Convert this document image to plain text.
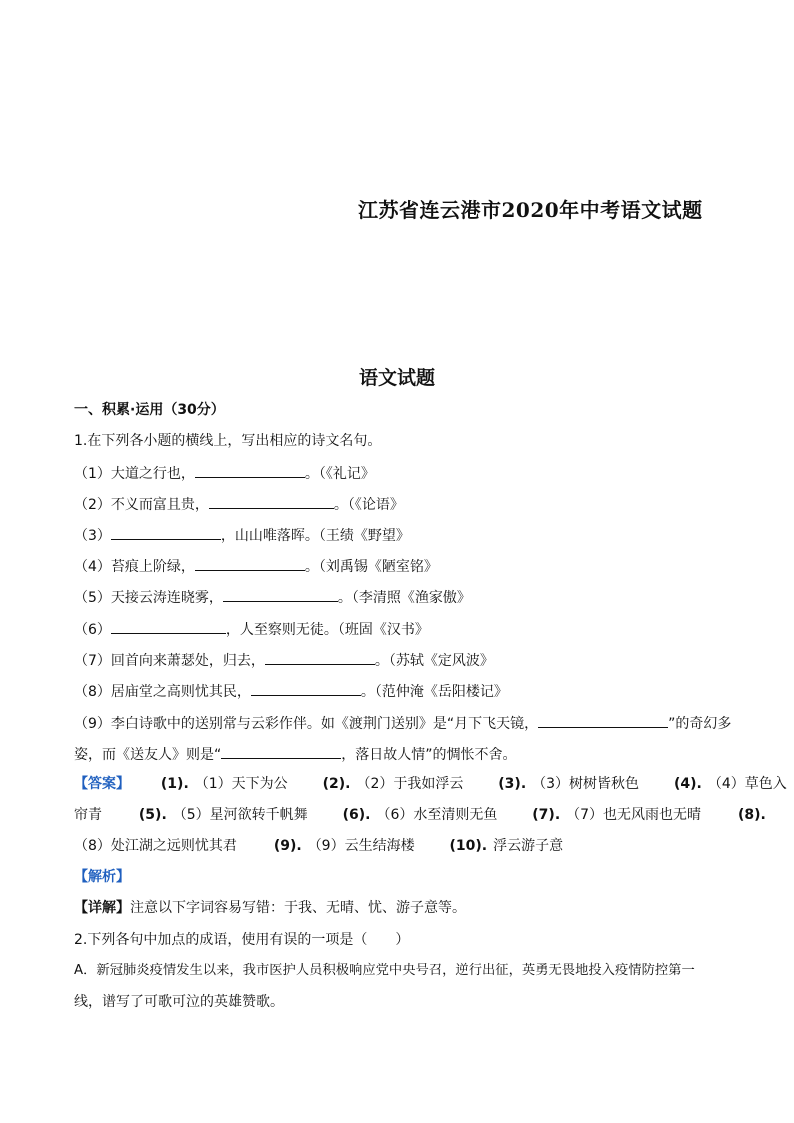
江苏省连云港市2020年中考语文试题
语文试题
一、积累·运用（30分）
1.在下列各小题的横线上，写出相应的诗文名句。
（1）大道之行也，	。（《礼记》
（2）不义而富且贵，	。（《论语》
（3）	，山山唯落晖。（王绩《野望》
（4）苔痕上阶绿，	。（刘禹锡《陋室铭》
（5）天接云涛连晓雾，	。（李清照《渔家傲》
（6）	，人至察则无徒。（班固《汉书》
（7）回首向来萧瑟处，归去，	。（苏轼《定风波》
（8）居庙堂之高则忧其民，	。（范仲淹《岳阳楼记》
（9）李白诗歌中的送别常与云彩作伴。如《渡荆门送别》是“月下飞天镜，	”的奇幻多
姿，而《送友人》则是“	，落日故人情”的惆怅不舍。
【答案】 (1). （1）天下为公 (2). （2）于我如浮云 (3). （3）树树皆秋色 (4). （4）草色入
帘青	(5). （5）星河欲转千帆舞 (6). （6）水至清则无鱼 (7). （7）也无风雨也无晴	(8).
（8）处江湖之远则忧其君	(9). （9）云生结海楼 (10). 浮云游子意
【解析】
【详解】注意以下字词容易写错：于我、无晴、忧、游子意等。
2.下列各句中加点的成语，使用有误的一项是（　　）
A．新冠肺炎疫情发生以来，我市医护人员积极响应党中央号召，逆行出征，英勇无畏地投入疫情防控第一
线，谱写了可歌可泣的英雄赞歌。
